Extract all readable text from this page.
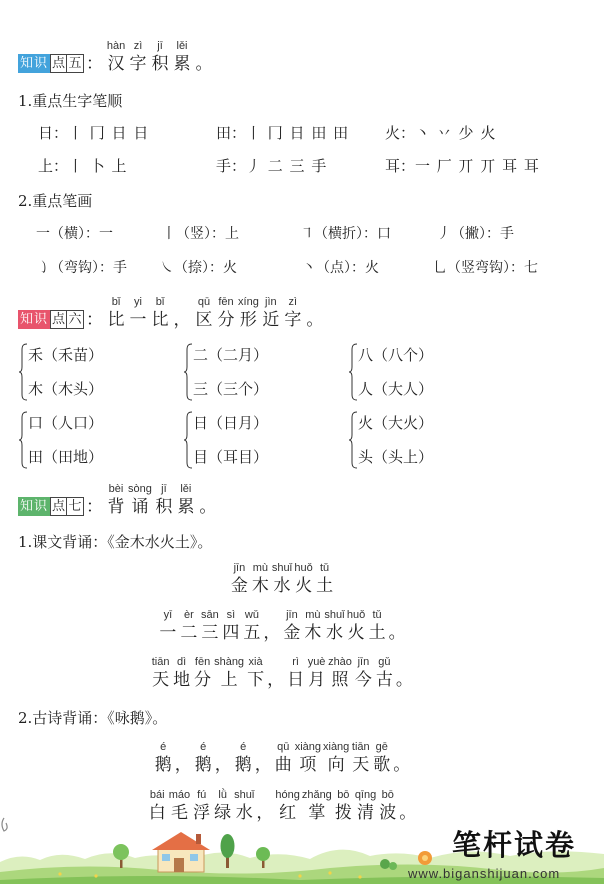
知识 点 五 ：
hàn
汉
zì
字
jī
积
lěi
累 。
1.重点生字笔顺
日：丨 冂 日 日	田：丨 冂 日 田 田 火：丶 丷 少 火
上：丨 卜 上	手：丿 二 三 手	耳：一 厂 丌 丌 耳 耳
2.重点笔画
一（横）：一	丨（竖）：上	㇕（横折）：口	丿（撇）：手
㇁（弯钩）：手 ㇏（捺）：火	丶（点）：火	乚（竖弯钩）：七
知识 点 六 ：
bǐ
比
yi
一
bǐ
比 ，
qū
区
fēn
分
xíng
形
jìn
近
zì
字 。
禾（禾苗）
木（木头）
二（二月）
三（三个）
八（八个）
人（大人）
口（人口）
田（田地）
日（日月）
目（耳目）
火（大火）
头（头上）
知识 点 七 ：
bèi
背
sòng
诵
jī
积
lěi
累 。
1.课文背诵：《金木水火土》。
jīn
金
mù
木
shuǐ
水
huǒ
火
tǔ
土
yī
一
èr
二
sān
三
sì
四
wǔ
五 ，
jīn
金
mù
木
shuǐ
水
huǒ
火
tǔ
土 。
tiān
天
dì
地
fēn
分
shàng
上
xià
下 ，
rì
日
yuè
月
zhào
照
jīn
今
gǔ
古 。
2.古诗背诵：《咏鹅》。
é
鹅 ，
é
鹅 ，
é
鹅 ，
qū
曲
xiàng
项
xiàng
向
tiān
天
gē
歌 。
bái
白
máo
毛
fú
浮
lǜ
绿
shuǐ
水 ，
hóng
红
zhǎng
掌
bō
拨
qīng
清
bō
波 。
笔杆试卷
www.biganshijuan.com
